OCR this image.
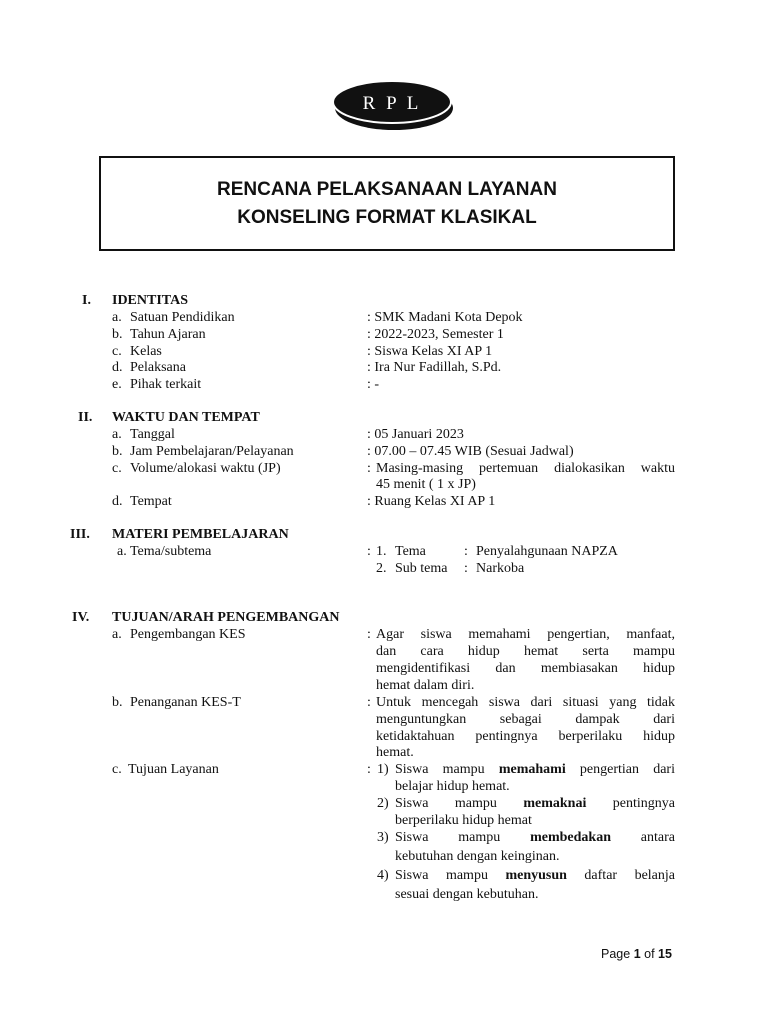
R P L
RENCANA PELAKSANAAN LAYANAN
KONSELING FORMAT KLASIKAL
I. IDENTITAS
a. Satuan Pendidikan	: SMK Madani Kota Depok
b. Tahun Ajaran	: 2022-2023, Semester 1
c. Kelas	: Siswa Kelas XI AP 1
d. Pelaksana	: Ira Nur Fadillah, S.Pd.
e. Pihak terkait	: -
II. WAKTU DAN TEMPAT
a. Tanggal	: 05 Januari 2023
b. Jam Pembelajaran/Pelayanan	: 07.00 – 07.45 WIB (Sesuai Jadwal)
c. Volume/alokasi waktu (JP)	: Masing-masing pertemuan dialokasikan waktu
45 menit ( 1 x JP)
d. Tempat	: Ruang Kelas XI AP 1
III. MATERI PEMBELAJARAN
a. Tema/subtema	: 1. Tema	: Penyalahgunaan NAPZA
2. Sub tema : Narkoba
IV. TUJUAN/ARAH PENGEMBANGAN
a. Pengembangan KES	: Agar siswa memahami pengertian, manfaat,
dan cara hidup hemat serta mampu
mengidentifikasi dan membiasakan hidup
hemat dalam diri.
b. Penanganan KES-T	: Untuk mencegah siswa dari situasi yang tidak
menguntungkan sebagai dampak dari
ketidaktahuan pentingnya berperilaku hidup
hemat.
c. Tujuan Layanan	: 1) Siswa mampu memahami pengertian dari
belajar hidup hemat.
2) Siswa mampu memaknai pentingnya
berperilaku hidup hemat
3) Siswa mampu membedakan antara
kebutuhan dengan keinginan.
4) Siswa mampu menyusun daftar belanja
sesuai dengan kebutuhan.
Page 1 of 15
